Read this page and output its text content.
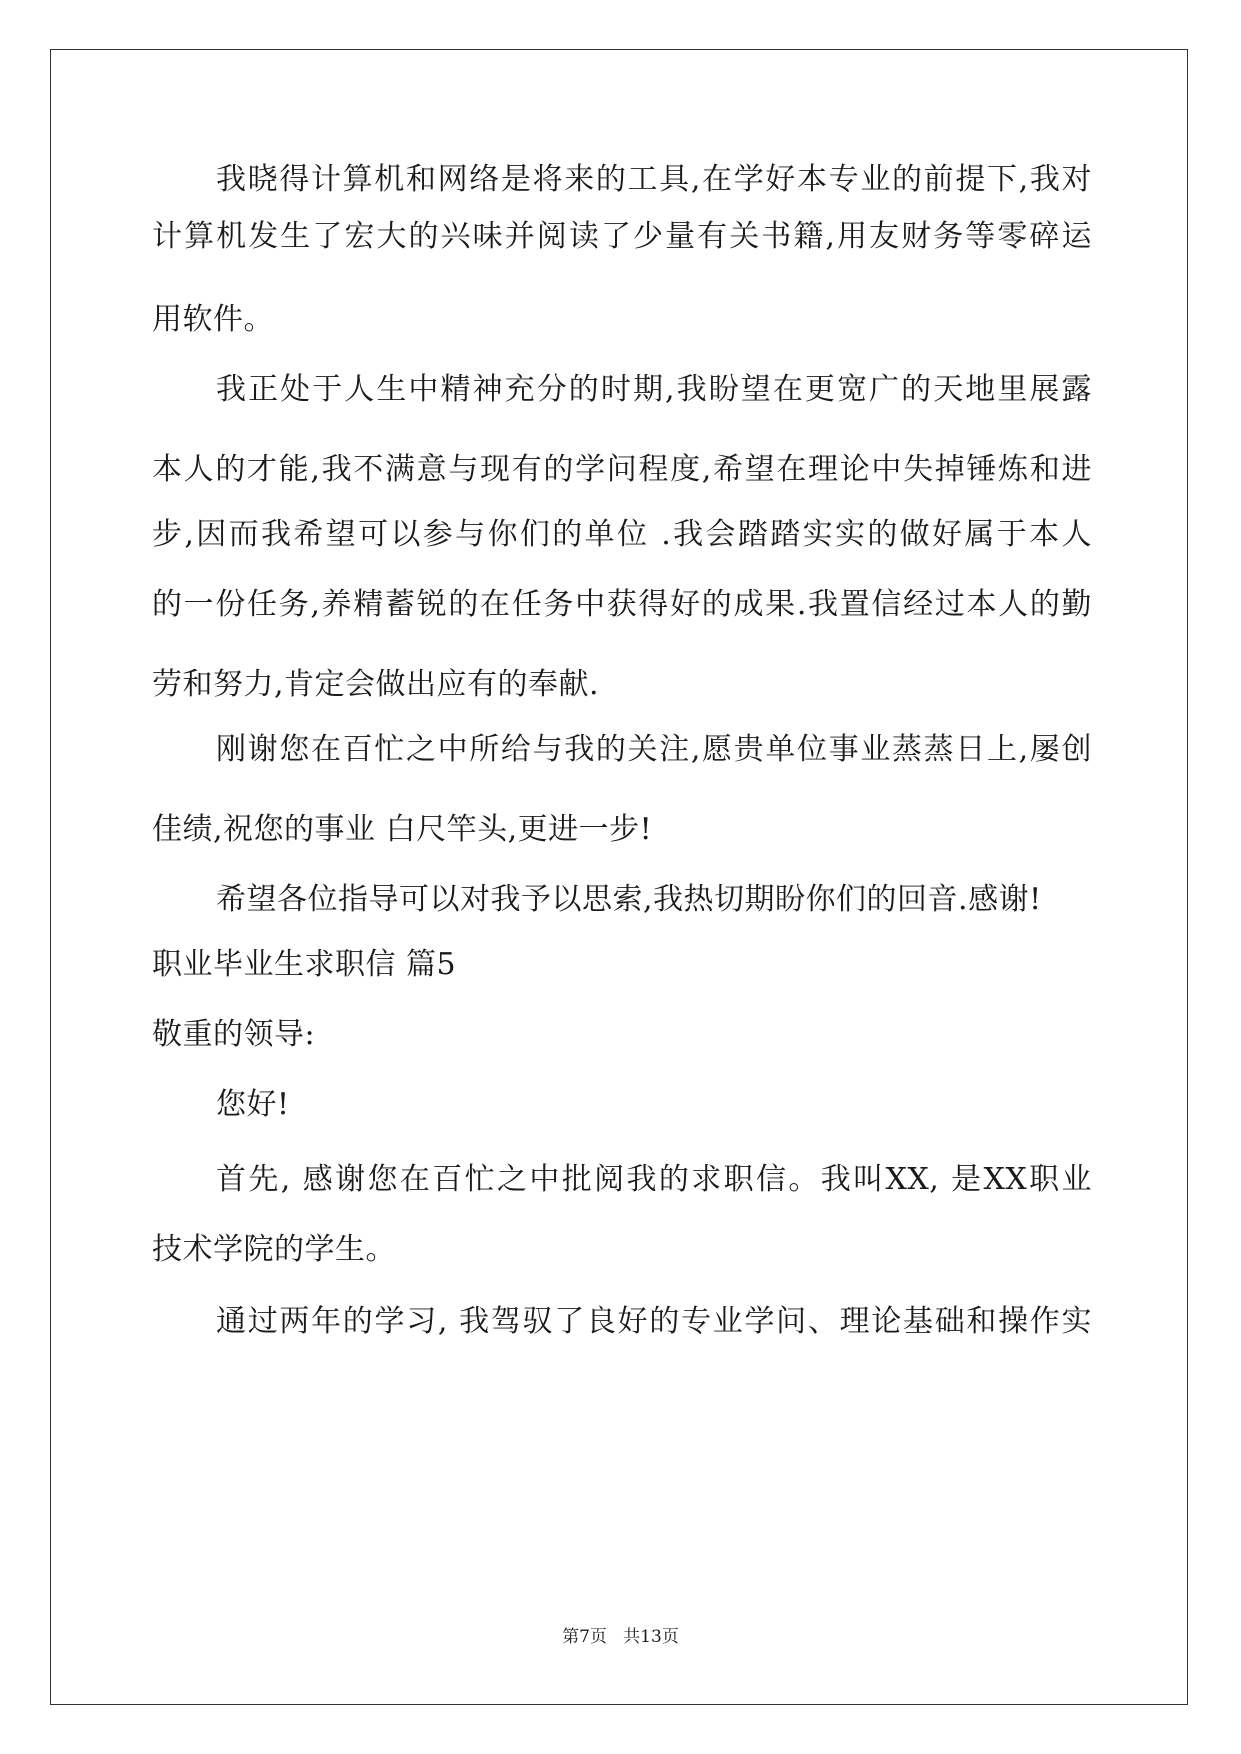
我晓得计算机和网络是将来的工具,在学好本专业的前提下,我对
计算机发生了宏大的兴味并阅读了少量有关书籍,用友财务等零碎运
用软件。
我正处于人生中精神充分的时期,我盼望在更宽广的天地里展露
本人的才能,我不满意与现有的学问程度,希望在理论中失掉锤炼和进
步,因而我希望可以参与你们的单位 .我会踏踏实实的做好属于本人
的一份任务,养精蓄锐的在任务中获得好的成果.我置信经过本人的勤
劳和努力,肯定会做出应有的奉献.
刚谢您在百忙之中所给与我的关注,愿贵单位事业蒸蒸日上,屡创
佳绩,祝您的事业 白尺竿头,更进一步!
希望各位指导可以对我予以思索,我热切期盼你们的回音.感谢!
职业毕业生求职信 篇5
敬重的领导:
您好!
首先, 感谢您在百忙之中批阅我的求职信。我叫XX, 是XX职业
技术学院的学生。
通过两年的学习, 我驾驭了良好的专业学问、理论基础和操作实
第7页   共13页
